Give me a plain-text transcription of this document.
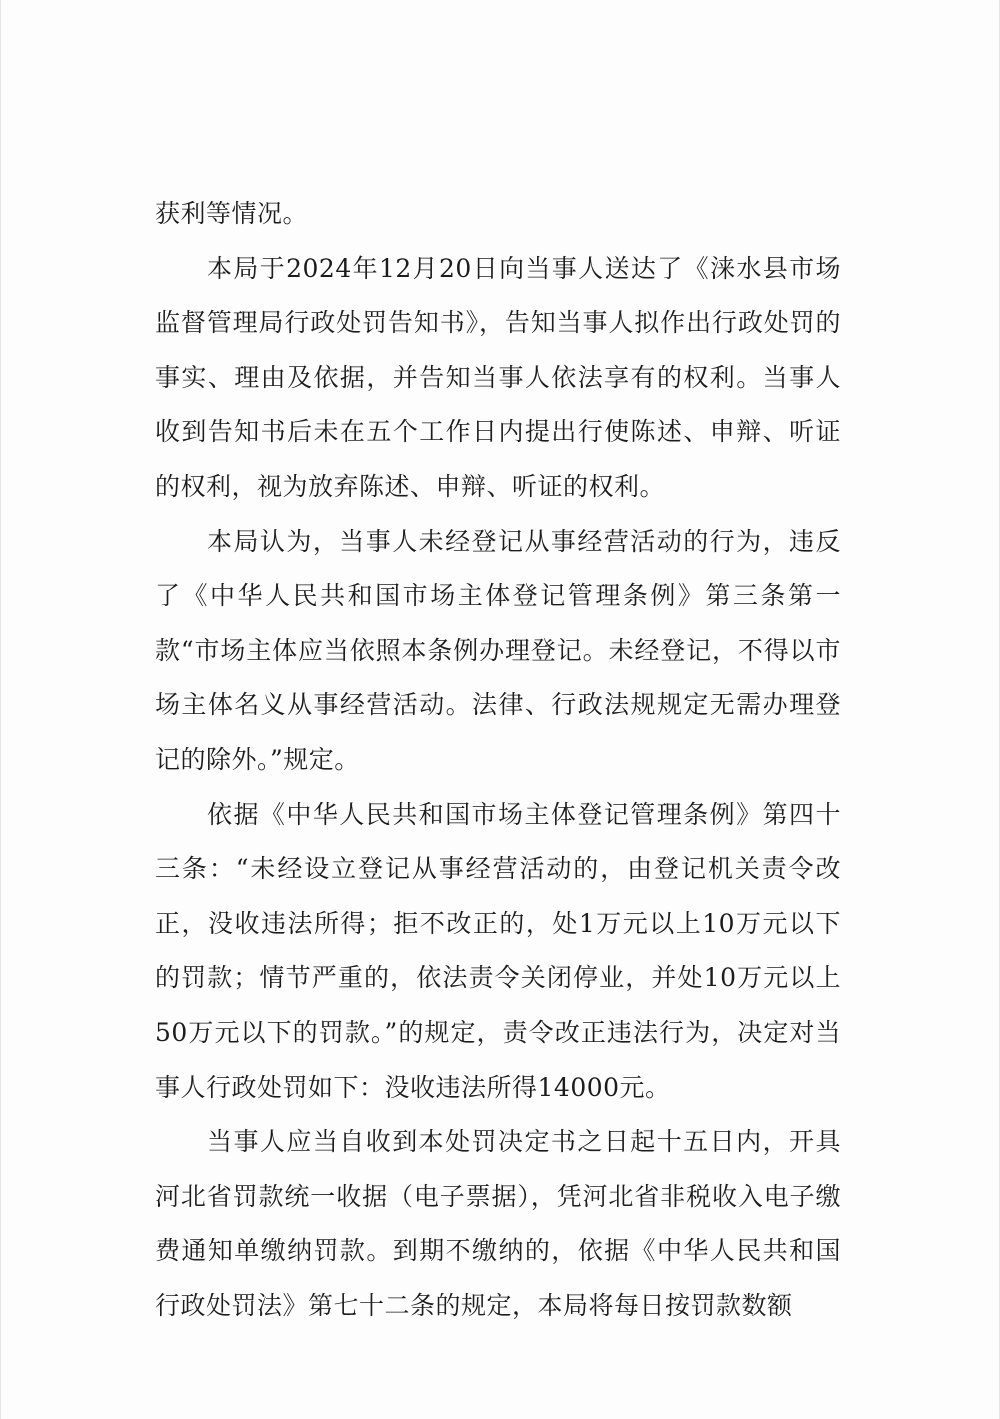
获利等情况。

本局于2024年12月20日向当事人送达了《涞水县市场监督管理局行政处罚告知书》，告知当事人拟作出行政处罚的事实、理由及依据，并告知当事人依法享有的权利。当事人收到告知书后未在五个工作日内提出行使陈述、申辩、听证的权利，视为放弃陈述、申辩、听证的权利。

本局认为，当事人未经登记从事经营活动的行为，违反了《中华人民共和国市场主体登记管理条例》第三条第一款“市场主体应当依照本条例办理登记。未经登记，不得以市场主体名义从事经营活动。法律、行政法规规定无需办理登记的除外。”规定。

依据《中华人民共和国市场主体登记管理条例》第四十三条：“未经设立登记从事经营活动的，由登记机关责令改正，没收违法所得；拒不改正的，处1万元以上10万元以下的罚款；情节严重的，依法责令关闭停业，并处10万元以上50万元以下的罚款。”的规定，责令改正违法行为，决定对当事人行政处罚如下：没收违法所得14000元。

当事人应当自收到本处罚决定书之日起十五日内，开具河北省罚款统一收据（电子票据），凭河北省非税收入电子缴费通知单缴纳罚款。到期不缴纳的，依据《中华人民共和国行政处罚法》第七十二条的规定，本局将每日按罚款数额
